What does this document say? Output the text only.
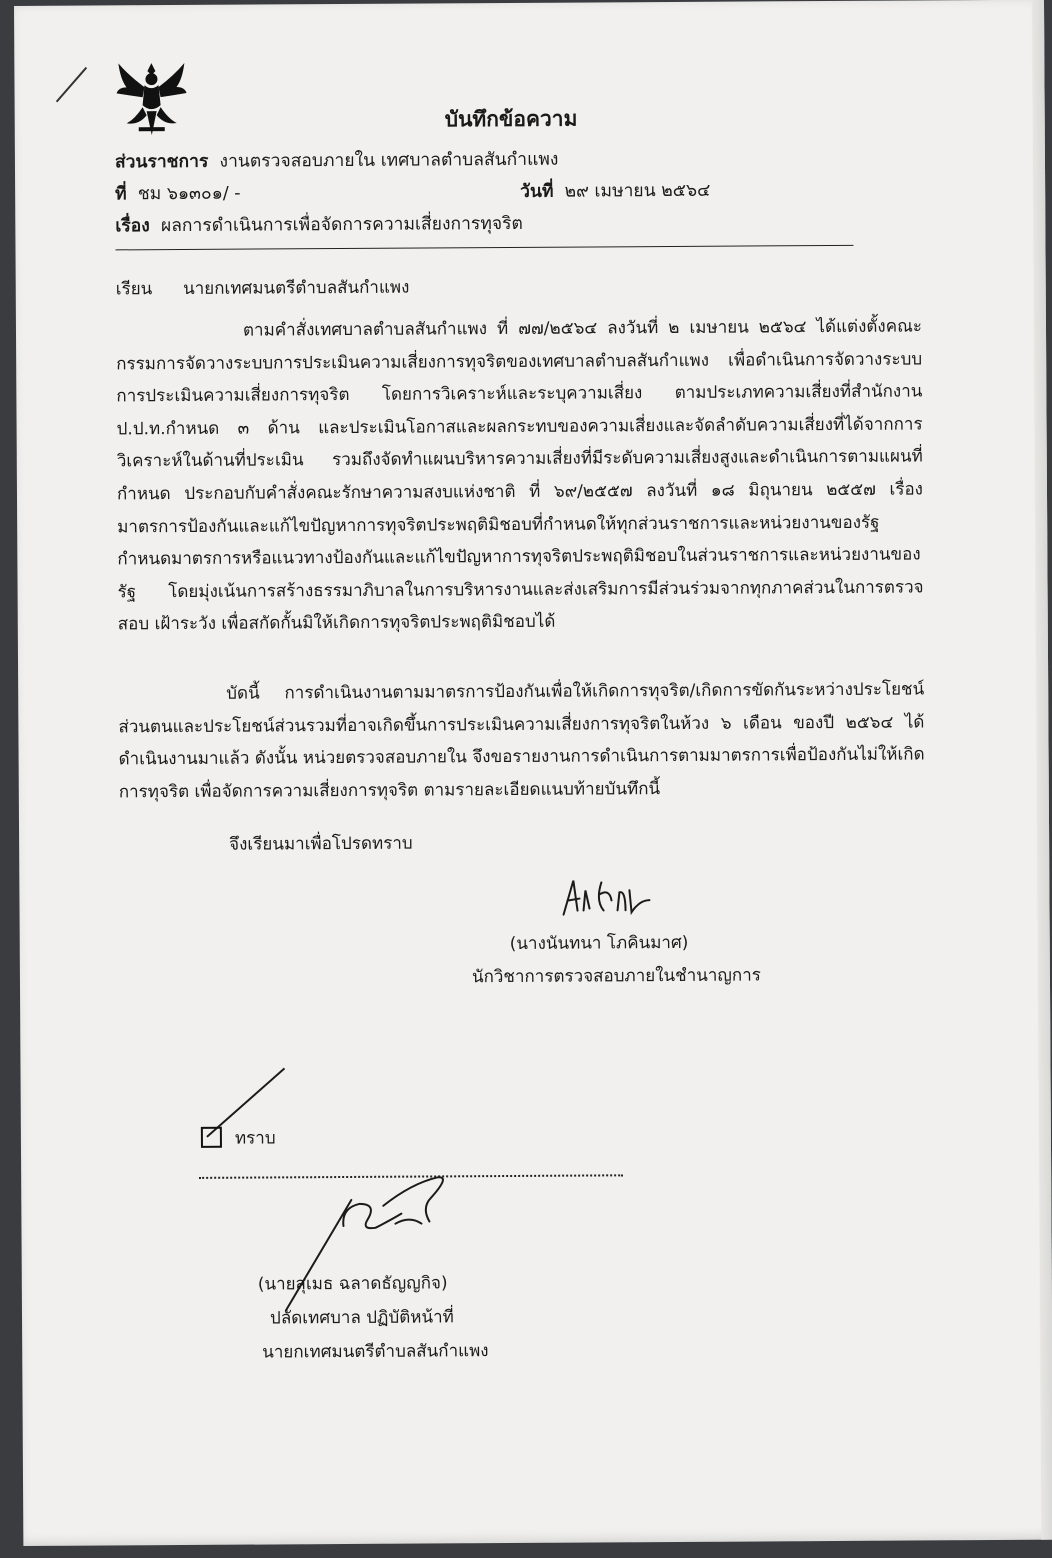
บันทึกข้อความ
ส่วนราชการ งานตรวจสอบภายใน เทศบาลตำบลสันกำแพง
ที่ ชม ๖๑๓๐๑/ -	วันที่ ๒๙ เมษายน ๒๕๖๔
เรื่อง ผลการดำเนินการเพื่อจัดการความเสี่ยงการทุจริต
เรียน นายกเทศมนตรีตำบลสันกำแพง
ตามคำสั่งเทศบาลตำบลสันกำแพง ที่ ๗๗/๒๕๖๔ ลงวันที่ ๒ เมษายน ๒๕๖๔ ได้แต่งตั้งคณะกรรมการจัดวางระบบการประเมินความเสี่ยงการทุจริตของเทศบาลตำบลสันกำแพง เพื่อดำเนินการจัดวางระบบการประเมินความเสี่ยงการทุจริต โดยการวิเคราะห์และระบุความเสี่ยง ตามประเภทความเสี่ยงที่สำนักงาน ป.ป.ท.กำหนด ๓ ด้าน และประเมินโอกาสและผลกระทบของความเสี่ยงและจัดลำดับความเสี่ยงที่ได้จากการวิเคราะห์ในด้านที่ประเมิน รวมถึงจัดทำแผนบริหารความเสี่ยงที่มีระดับความเสี่ยงสูงและดำเนินการตามแผนที่กำหนด ประกอบกับคำสั่งคณะรักษาความสงบแห่งชาติ ที่ ๖๙/๒๕๕๗ ลงวันที่ ๑๘ มิถุนายน ๒๕๕๗ เรื่อง มาตรการป้องกันและแก้ไขปัญหาการทุจริตประพฤติมิชอบที่กำหนดให้ทุกส่วนราชการและหน่วยงานของรัฐ กำหนดมาตรการหรือแนวทางป้องกันและแก้ไขปัญหาการทุจริตประพฤติมิชอบในส่วนราชการและหน่วยงานของรัฐ โดยมุ่งเน้นการสร้างธรรมาภิบาลในการบริหารงานและส่งเสริมการมีส่วนร่วมจากทุกภาคส่วนในการตรวจสอบ เฝ้าระวัง เพื่อสกัดกั้นมิให้เกิดการทุจริตประพฤติมิชอบได้
บัดนี้ การดำเนินงานตามมาตรการป้องกันเพื่อให้เกิดการทุจริต/เกิดการขัดกันระหว่างประโยชน์ส่วนตนและประโยชน์ส่วนรวมที่อาจเกิดขึ้นการประเมินความเสี่ยงการทุจริตในห้วง ๖ เดือน ของปี ๒๕๖๔ ได้ดำเนินงานมาแล้ว ดังนั้น หน่วยตรวจสอบภายใน จึงขอรายงานการดำเนินการตามมาตรการเพื่อป้องกันไม่ให้เกิดการทุจริต เพื่อจัดการความเสี่ยงการทุจริต ตามรายละเอียดแนบท้ายบันทึกนี้
จึงเรียนมาเพื่อโปรดทราบ
(นางนันทนา โภคินมาศ)
นักวิชาการตรวจสอบภายในชำนาญการ
ทราบ
(นายสุเมธ ฉลาดธัญญกิจ)
ปลัดเทศบาล ปฏิบัติหน้าที่
นายกเทศมนตรีตำบลสันกำแพง
